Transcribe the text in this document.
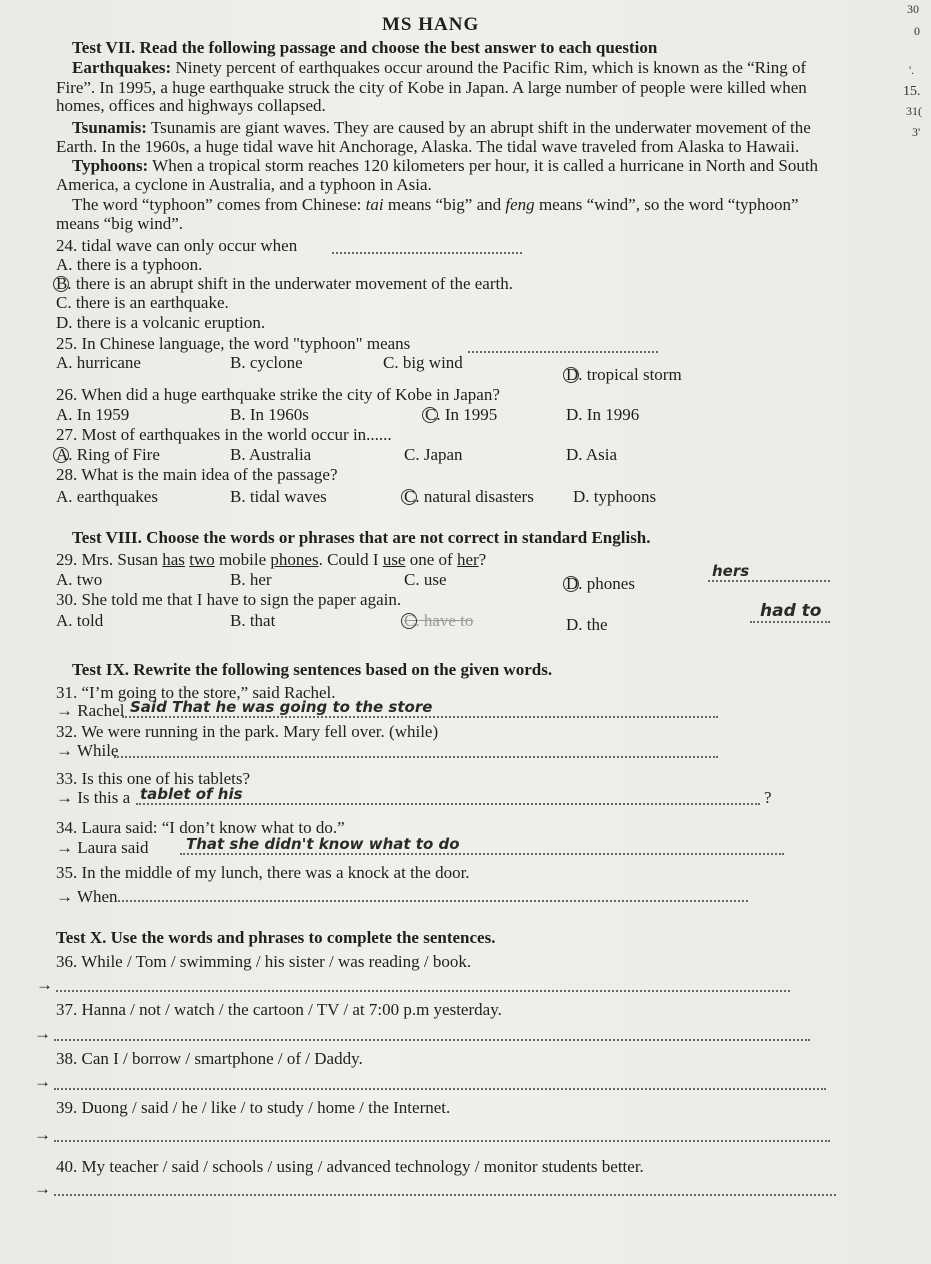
MS HANG
30
0
'.
15.
31(
3'
Test VII. Read the following passage and choose the best answer to each question
Earthquakes: Ninety percent of earthquakes occur around the Pacific Rim, which is known as the “Ring of
Fire”. In 1995, a huge earthquake struck the city of Kobe in Japan. A large number of people were killed when
homes, offices and highways collapsed.
Tsunamis: Tsunamis are giant waves. They are caused by an abrupt shift in the underwater movement of the
Earth. In the 1960s, a huge tidal wave hit Anchorage, Alaska. The tidal wave traveled from Alaska to Hawaii.
Typhoons: When a tropical storm reaches 120 kilometers per hour, it is called a hurricane in North and South
America, a cyclone in Australia, and a typhoon in Asia.
The word “typhoon” comes from Chinese: tai means “big” and feng means “wind”, so the word “typhoon”
means “big wind”.
24. tidal wave can only occur when
A. there is a typhoon.
B. there is an abrupt shift in the underwater movement of the earth.
C. there is an earthquake.
D. there is a volcanic eruption.
25. In Chinese language, the word "typhoon" means
A. hurricane	B. cyclone	C. big wind
D. tropical storm
26. When did a huge earthquake strike the city of Kobe in Japan?
A. In 1959	B. In 1960s	C. In 1995	D. In 1996
27. Most of earthquakes in the world occur in......
A. Ring of Fire	B. Australia	C. Japan	D. Asia
28. What is the main idea of the passage?
A. earthquakes	B. tidal waves	C. natural disasters D. typhoons
Test VIII. Choose the words or phrases that are not correct in standard English.
29. Mrs. Susan has two mobile phones. Could I use one of her?
A. two	B. her	C. use	D. phones
hers
30. She told me that I have to sign the paper again.
A. told	B. that	C. have to	D. the
had to
Test IX. Rewrite the following sentences based on the given words.
31. “I’m going to the store,” said Rachel.
→ Rachel Said That he was going to the store
32. We were running in the park. Mary fell over. (while)
→ While
33. Is this one of his tablets?
→ Is this a tablet of his	?
34. Laura said: “I don’t know what to do.”
→ Laura said That she didn't know what to do
35. In the middle of my lunch, there was a knock at the door.
→ When
Test X. Use the words and phrases to complete the sentences.
36. While / Tom / swimming / his sister / was reading / book.
→
37. Hanna / not / watch / the cartoon / TV / at 7:00 p.m yesterday.
→
38. Can I / borrow / smartphone / of / Daddy.
→
39. Duong / said / he / like / to study / home / the Internet.
→
40. My teacher / said / schools / using / advanced technology / monitor students better.
→
